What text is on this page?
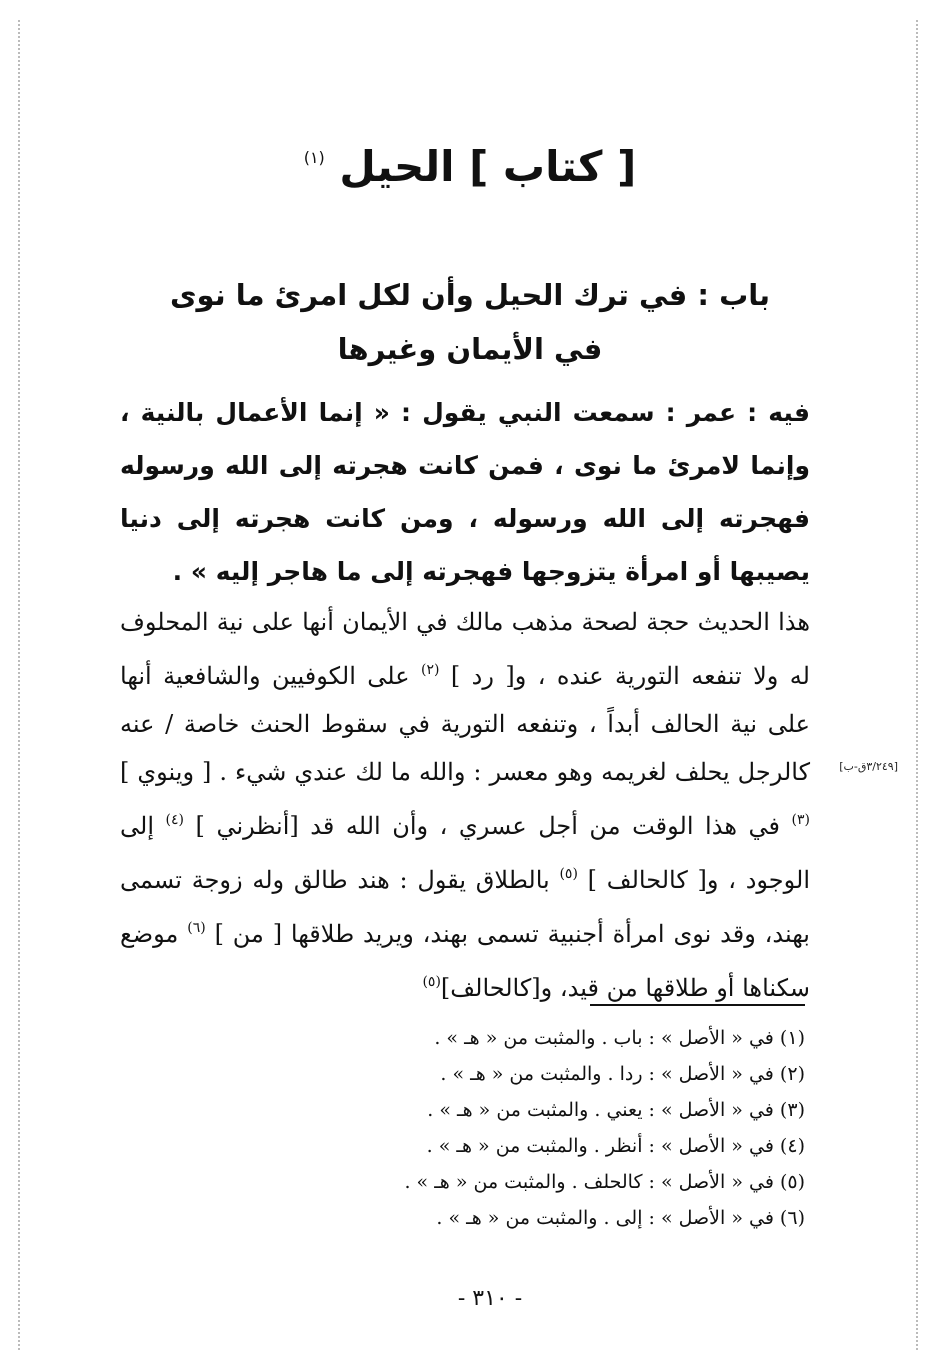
[ كتاب ] الحيل $^{(١)}$
باب : في ترك الحيل وأن لكل امرئ ما نوى
في الأيمان وغيرها
فيه : عمر : سمعت النبي يقول : « إنما الأعمال بالنية ، وإنما لامرئ ما نوى ، فمن كانت هجرته إلى الله ورسوله فهجرته إلى الله ورسوله ، ومن كانت هجرته إلى دنيا يصيبها أو امرأة يتزوجها فهجرته إلى ما هاجر إليه » .
هذا الحديث حجة لصحة مذهب مالك في الأيمان أنها على نية المحلوف له ولا تنفعه التورية عنده ، و[ رد ] $^{(٢)}$ على الكوفيين والشافعية أنها على نية الحالف أبداً ، وتنفعه التورية في سقوط الحنث خاصة / عنه كالرجل يحلف لغريمه وهو معسر : والله ما لك عندي شيء . [ وينوي ] $^{(٣)}$ في هذا الوقت من أجل عسري ، وأن الله قد [أنظرني ] $^{(٤)}$ إلى الوجود ، و[ كالحالف ] $^{(٥)}$ بالطلاق يقول : هند طالق وله زوجة تسمى بهند، وقد نوى امرأة أجنبية تسمى بهند، ويريد طلاقها [ من ] $^{(٦)}$ موضع سكناها أو طلاقها من قيد، و[كالحالف]$^{(٥)}$
[٣/٢٤٩ق-ب]
(١) في « الأصل » : باب . والمثبت من « هـ » .
(٢) في « الأصل » : ردا . والمثبت من « هـ » .
(٣) في « الأصل » : يعني . والمثبت من « هـ » .
(٤) في « الأصل » : أنظر . والمثبت من « هـ » .
(٥) في « الأصل » : كالحلف . والمثبت من « هـ » .
(٦) في « الأصل » : إلى . والمثبت من « هـ » .
- ٣١٠ -
